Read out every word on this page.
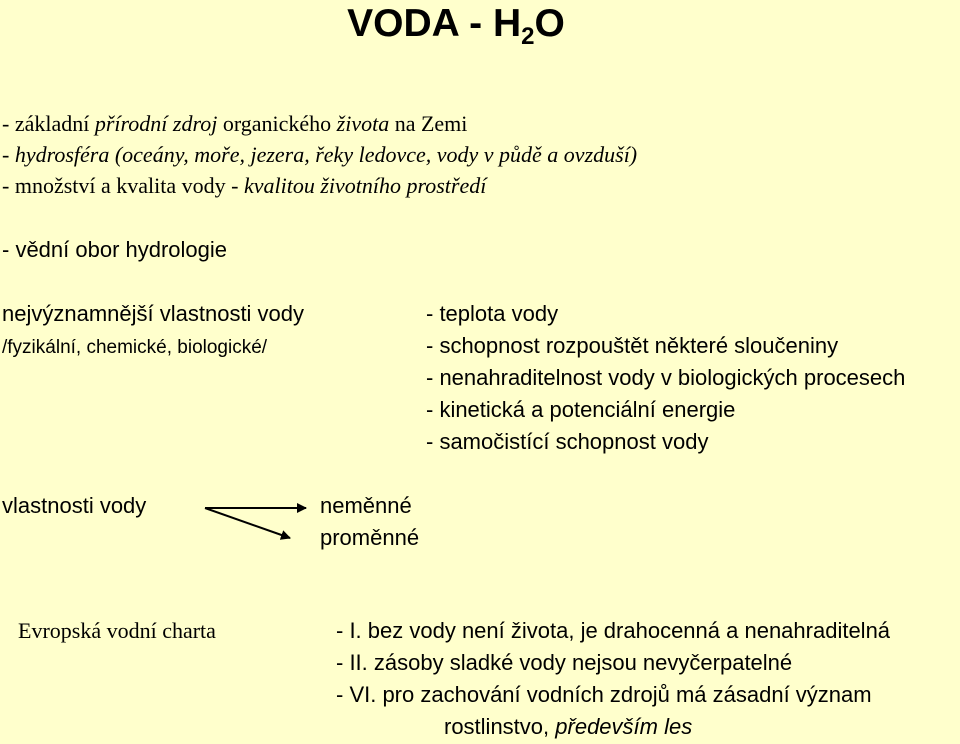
VODA - $H_2O$
- základní přírodní zdroj organického života na Zemi
- hydrosféra (oceány, moře, jezera, řeky ledovce, vody v půdě a ovzduší)
- množství a kvalita vody - kvalitou životního prostředí
- vědní obor hydrologie
nejvýznamnější vlastnosti vody
/fyzikální, chemické, biologické/
- teplota vody
- schopnost rozpouštět některé sloučeniny
- nenahraditelnost vody v biologických procesech
- kinetická a potenciální energie
- samočistící schopnost vody
vlastnosti vody	neměnné
proměnné
Evropská vodní charta	- I. bez vody není života, je drahocenná a nenahraditelná
- II. zásoby sladké vody nejsou nevyčerpatelné
- VI. pro zachování vodních zdrojů má zásadní význam
rostlinstvo, především les
